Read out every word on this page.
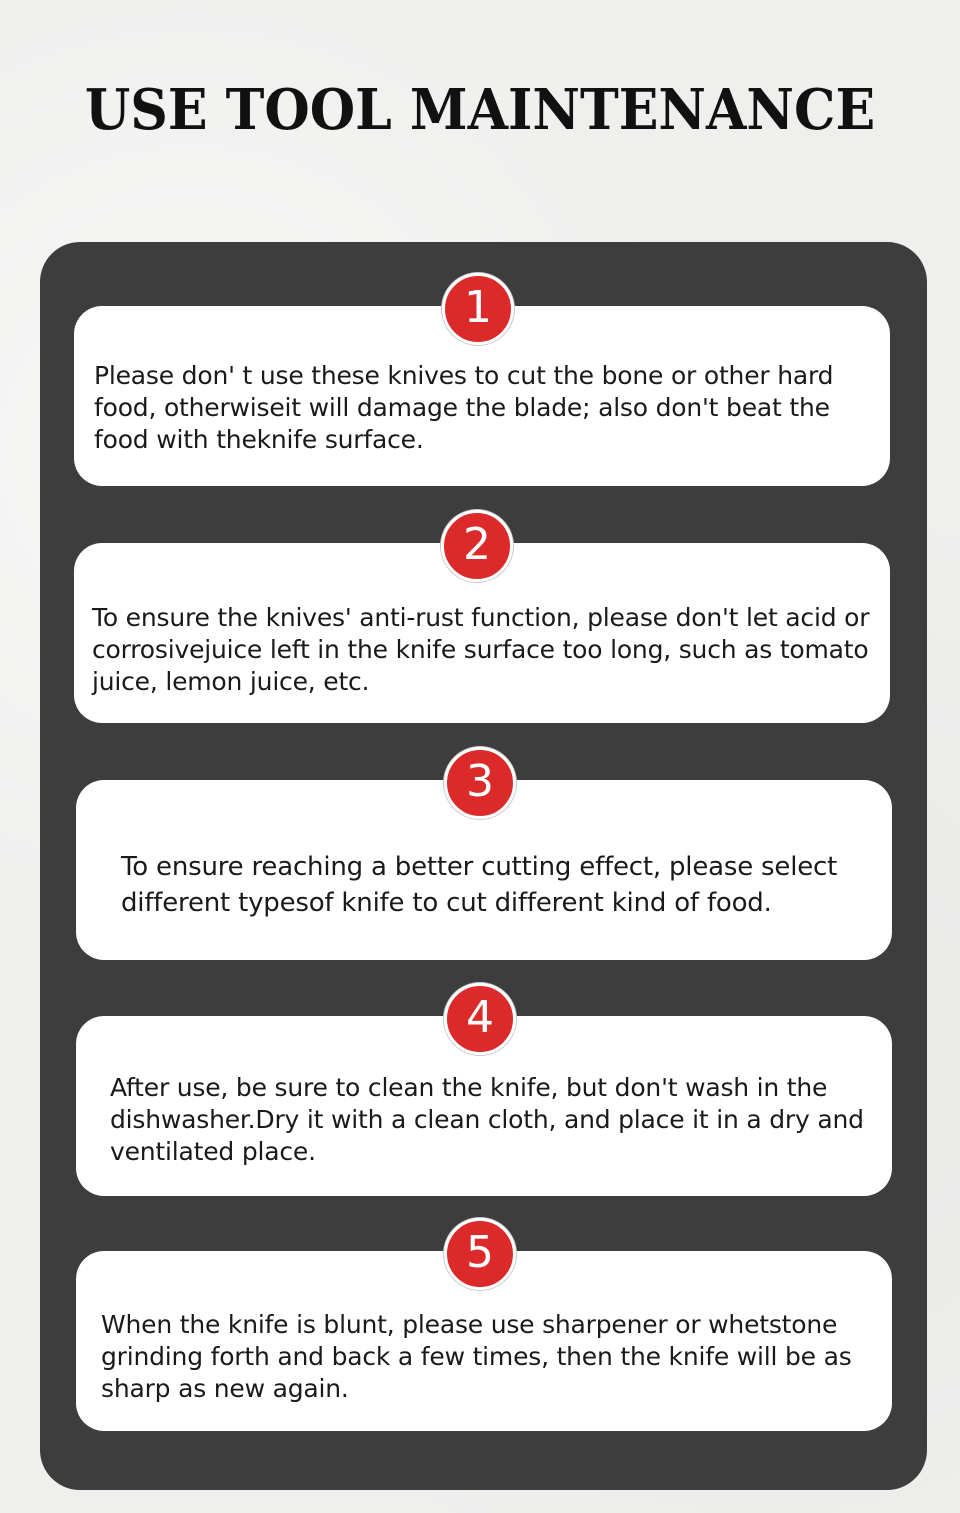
USE TOOL MAINTENANCE

Please don' t use these knives to cut the bone or other hard food, otherwiseit will damage the blade; also don't beat the food with theknife surface.

1

To ensure the knives' anti-rust function, please don't let acid or corrosivejuice left in the knife surface too long, such as tomato juice, lemon juice, etc.

2

To ensure reaching a better cutting effect, please select different typesof knife to cut different kind of food.

3

After use, be sure to clean the knife, but don't wash in the dishwasher.Dry it with a clean cloth, and place it in a dry and ventilated place.

4

When the knife is blunt, please use sharpener or whetstone grinding forth and back a few times, then the knife will be as sharp as new again.

5
